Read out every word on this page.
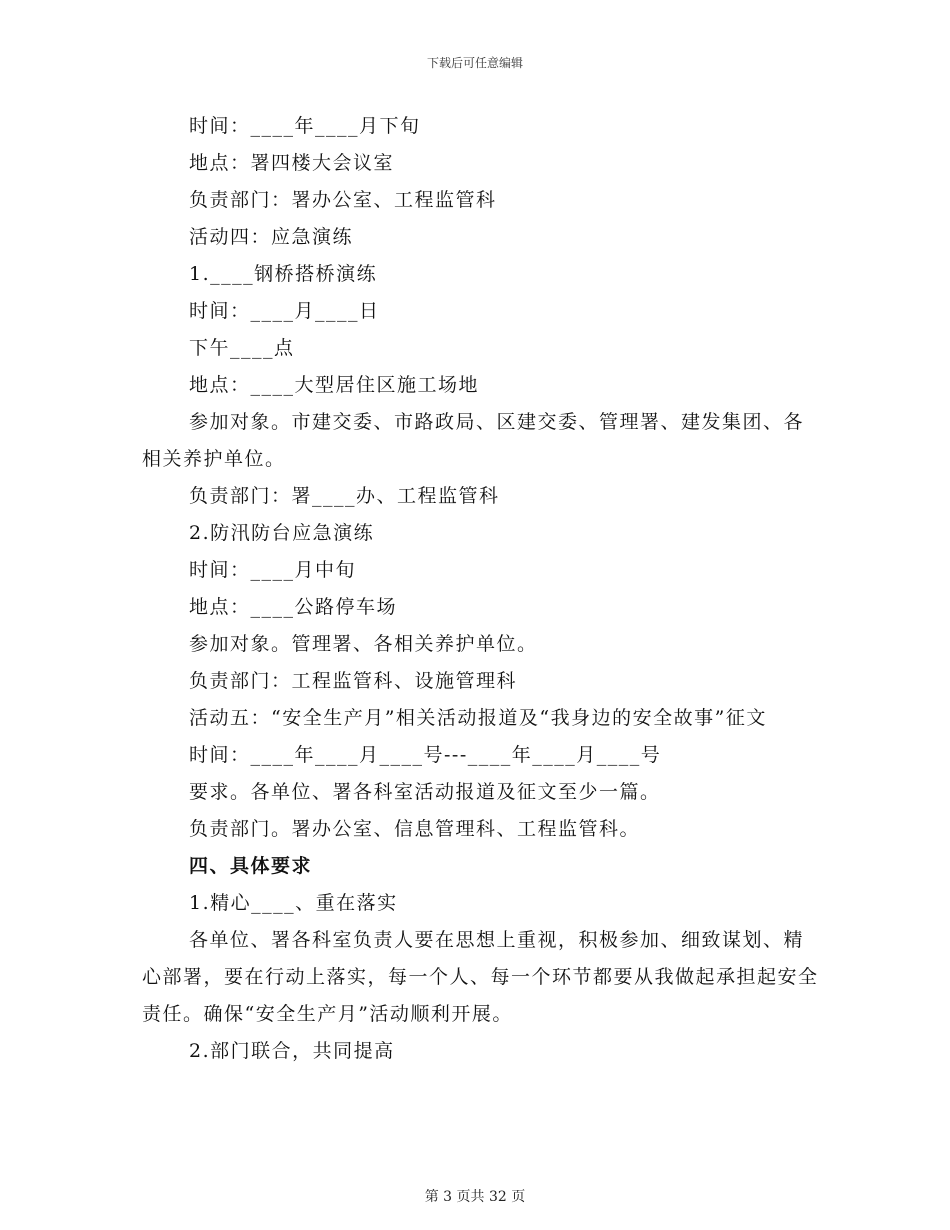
下载后可任意编辑

时间：____年____月下旬

地点：署四楼大会议室

负责部门：署办公室、工程监管科

活动四：应急演练

1.____钢桥搭桥演练

时间：____月____日

下午____点

地点：____大型居住区施工场地

参加对象。市建交委、市路政局、区建交委、管理署、建发集团、各相关养护单位。

负责部门：署____办、工程监管科

2.防汛防台应急演练

时间：____月中旬

地点：____公路停车场

参加对象。管理署、各相关养护单位。

负责部门：工程监管科、设施管理科

活动五：“安全生产月”相关活动报道及“我身边的安全故事”征文

时间：____年____月____号---____年____月____号

要求。各单位、署各科室活动报道及征文至少一篇。

负责部门。署办公室、信息管理科、工程监管科。

四、具体要求

1.精心____、重在落实

各单位、署各科室负责人要在思想上重视，积极参加、细致谋划、精心部署，要在行动上落实，每一个人、每一个环节都要从我做起承担起安全责任。确保“安全生产月”活动顺利开展。

2.部门联合，共同提高

第 3 页共 32 页
